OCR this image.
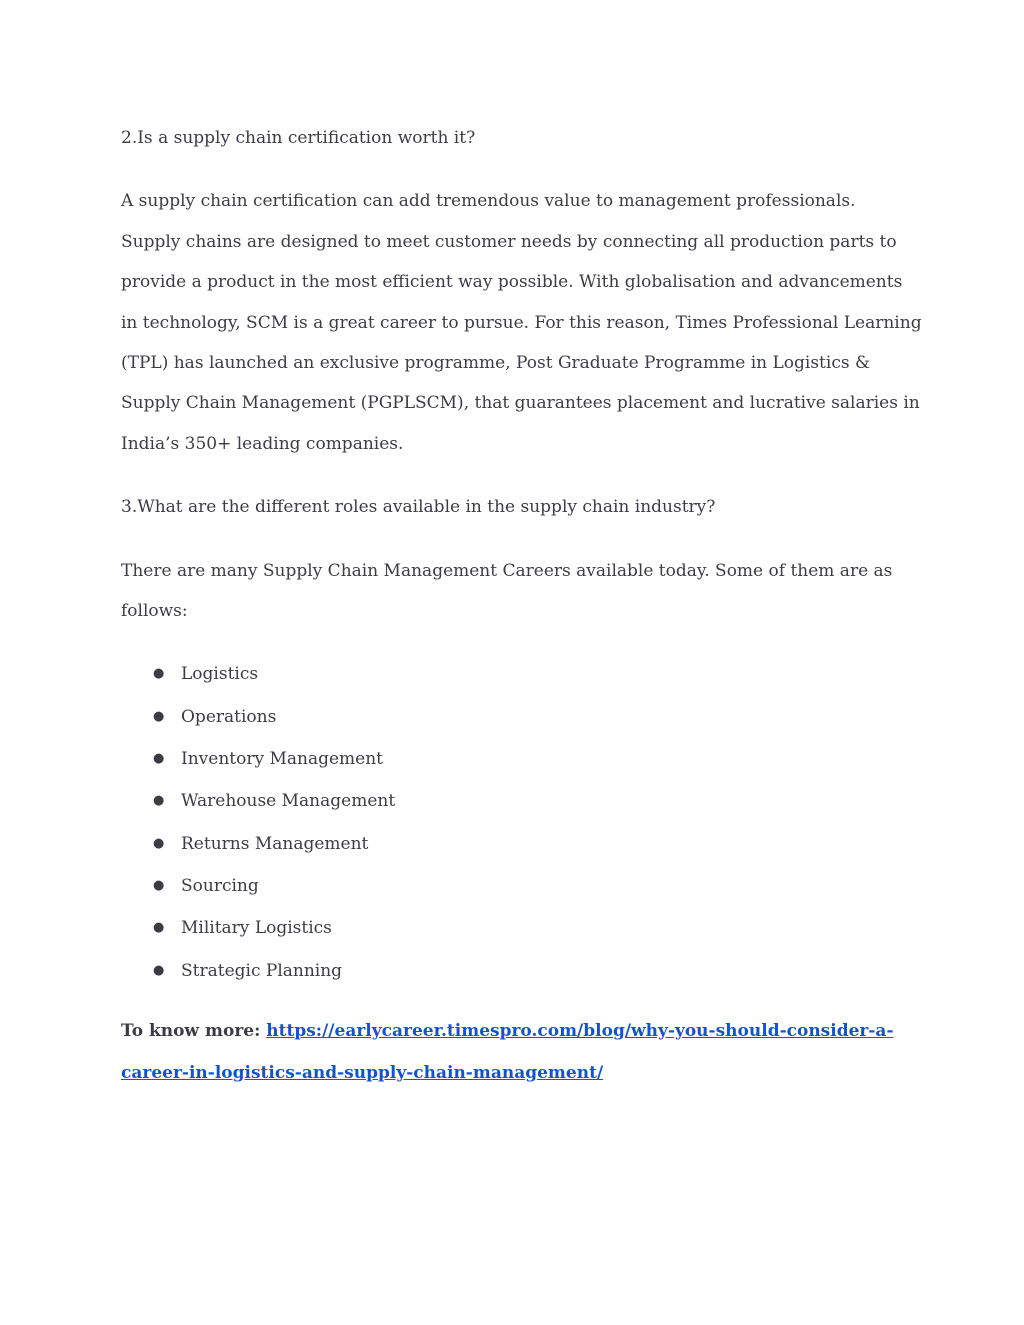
2.Is a supply chain certification worth it?

A supply chain certification can add tremendous value to management professionals.
Supply chains are designed to meet customer needs by connecting all production parts to
provide a product in the most efficient way possible. With globalisation and advancements
in technology, SCM is a great career to pursue. For this reason, Times Professional Learning
(TPL) has launched an exclusive programme, Post Graduate Programme in Logistics &
Supply Chain Management (PGPLSCM), that guarantees placement and lucrative salaries in
India’s 350+ leading companies.

3.What are the different roles available in the supply chain industry?

There are many Supply Chain Management Careers available today. Some of them are as
follows:

● Logistics
● Operations
● Inventory Management
● Warehouse Management
● Returns Management
● Sourcing
● Military Logistics
● Strategic Planning
To know more: https://earlycareer.timespro.com/blog/why-you-should-consider-a-
career-in-logistics-and-supply-chain-management/
